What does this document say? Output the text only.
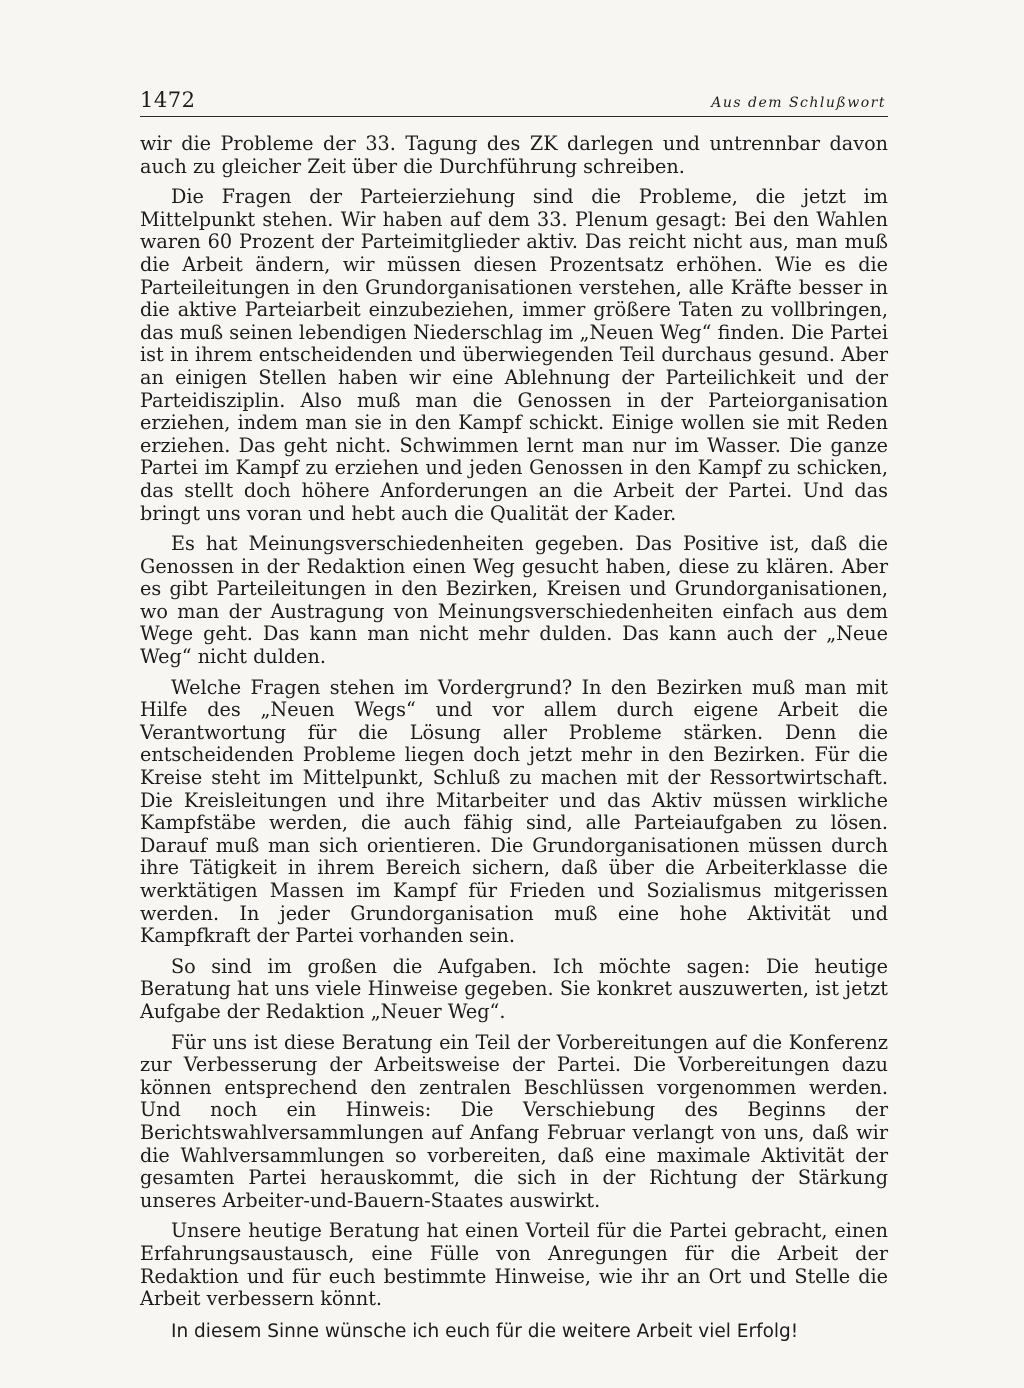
1472	Aus dem Schlußwort

wir die Probleme der 33. Tagung des ZK darlegen und untrennbar davon auch zu gleicher Zeit über die Durchführung schreiben.

Die Fragen der Parteierziehung sind die Probleme, die jetzt im Mittelpunkt stehen. Wir haben auf dem 33. Plenum gesagt: Bei den Wahlen waren 60 Prozent der Parteimitglieder aktiv. Das reicht nicht aus, man muß die Arbeit ändern, wir müssen diesen Prozentsatz erhöhen. Wie es die Parteileitungen in den Grundorganisationen verstehen, alle Kräfte besser in die aktive Parteiarbeit einzubeziehen, immer größere Taten zu vollbringen, das muß seinen lebendigen Niederschlag im „Neuen Weg“ finden. Die Partei ist in ihrem entscheidenden und überwiegenden Teil durchaus gesund. Aber an einigen Stellen haben wir eine Ablehnung der Parteilichkeit und der Parteidisziplin. Also muß man die Genossen in der Parteiorganisation erziehen, indem man sie in den Kampf schickt. Einige wollen sie mit Reden erziehen. Das geht nicht. Schwimmen lernt man nur im Wasser. Die ganze Partei im Kampf zu erziehen und jeden Genossen in den Kampf zu schicken, das stellt doch höhere Anforderungen an die Arbeit der Partei. Und das bringt uns voran und hebt auch die Qualität der Kader.

Es hat Meinungsverschiedenheiten gegeben. Das Positive ist, daß die Genossen in der Redaktion einen Weg gesucht haben, diese zu klären. Aber es gibt Parteileitungen in den Bezirken, Kreisen und Grundorganisationen, wo man der Austragung von Meinungsverschiedenheiten einfach aus dem Wege geht. Das kann man nicht mehr dulden. Das kann auch der „Neue Weg“ nicht dulden.

Welche Fragen stehen im Vordergrund? In den Bezirken muß man mit Hilfe des „Neuen Wegs“ und vor allem durch eigene Arbeit die Verantwortung für die Lösung aller Probleme stärken. Denn die entscheidenden Probleme liegen doch jetzt mehr in den Bezirken. Für die Kreise steht im Mittelpunkt, Schluß zu machen mit der Ressortwirtschaft. Die Kreisleitungen und ihre Mitarbeiter und das Aktiv müssen wirkliche Kampfstäbe werden, die auch fähig sind, alle Parteiaufgaben zu lösen. Darauf muß man sich orientieren. Die Grundorganisationen müssen durch ihre Tätigkeit in ihrem Bereich sichern, daß über die Arbeiterklasse die werktätigen Massen im Kampf für Frieden und Sozialismus mitgerissen werden. In jeder Grundorganisation muß eine hohe Aktivität und Kampfkraft der Partei vorhanden sein.

So sind im großen die Aufgaben. Ich möchte sagen: Die heutige Beratung hat uns viele Hinweise gegeben. Sie konkret auszuwerten, ist jetzt Aufgabe der Redaktion „Neuer Weg“.

Für uns ist diese Beratung ein Teil der Vorbereitungen auf die Konferenz zur Verbesserung der Arbeitsweise der Partei. Die Vorbereitungen dazu können entsprechend den zentralen Beschlüssen vorgenommen werden. Und noch ein Hinweis: Die Verschiebung des Beginns der Berichtswahlversammlungen auf Anfang Februar verlangt von uns, daß wir die Wahlversammlungen so vorbereiten, daß eine maximale Aktivität der gesamten Partei herauskommt, die sich in der Richtung der Stärkung unseres Arbeiter-und-Bauern-Staates auswirkt.

Unsere heutige Beratung hat einen Vorteil für die Partei gebracht, einen Erfahrungsaustausch, eine Fülle von Anregungen für die Arbeit der Redaktion und für euch bestimmte Hinweise, wie ihr an Ort und Stelle die Arbeit verbessern könnt.

In diesem Sinne wünsche ich euch für die weitere Arbeit viel Erfolg!
